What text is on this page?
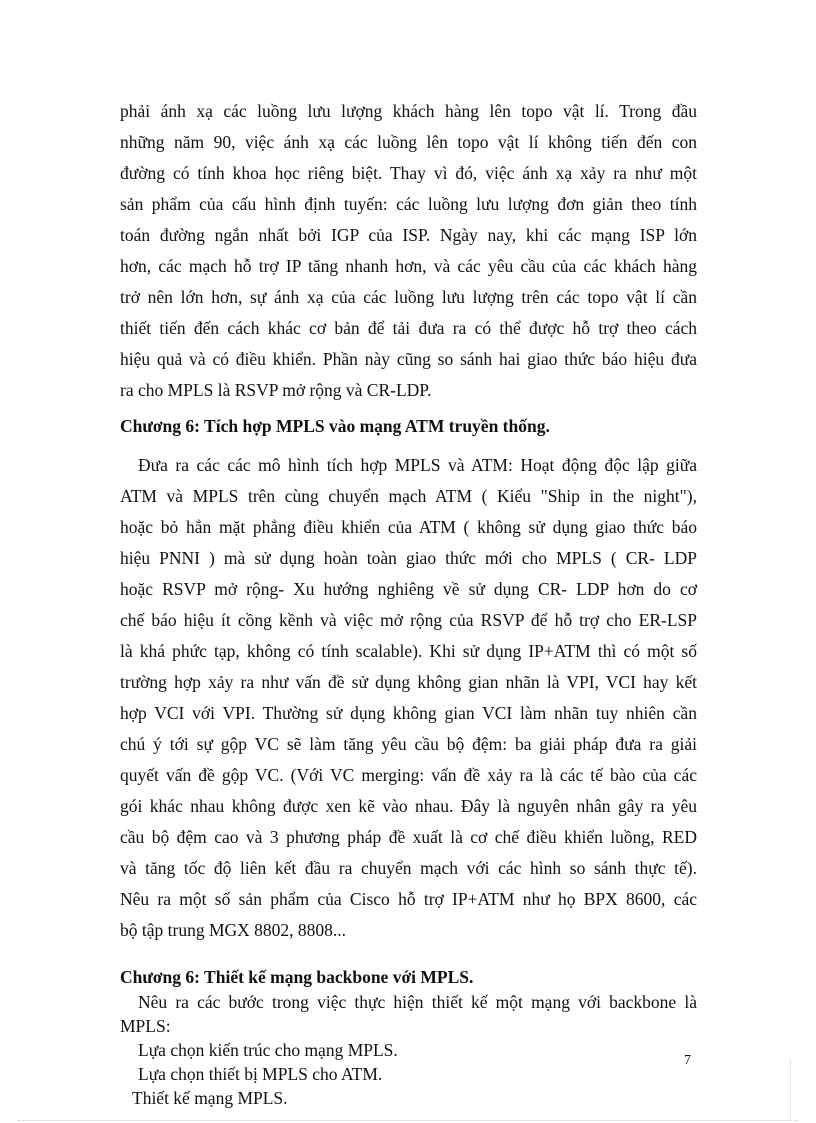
phải ánh xạ các luồng lưu lượng khách hàng lên topo vật lí. Trong đầu
những năm 90, việc ánh xạ các luồng lên topo vật lí không tiến đến con
đường có tính khoa học riêng biệt. Thay vì đó, việc ánh xạ xảy ra như một
sản phẩm của cấu hình định tuyến: các luồng lưu lượng đơn giản theo tính
toán đường ngắn nhất bởi IGP của ISP. Ngày nay, khi các mạng ISP lớn
hơn, các mạch hỗ trợ IP tăng nhanh hơn, và các yêu cầu của các khách hàng
trở nên lớn hơn, sự ánh xạ của các luồng lưu lượng trên các topo vật lí cần
thiết tiến đến cách khác cơ bản để tải đưa ra có thể được hỗ trợ theo cách
hiệu quả và có điều khiển. Phần này cũng so sánh hai giao thức báo hiệu đưa
ra cho MPLS là RSVP mở rộng và CR-LDP.
Chương 6: Tích hợp MPLS vào mạng ATM truyền thống.
Đưa ra các các mô hình tích hợp MPLS và ATM: Hoạt động độc lập giữa
ATM và MPLS trên cùng chuyển mạch ATM ( Kiểu "Ship in the night"),
hoặc bỏ hẳn mặt phẳng điều khiển của ATM ( không sử dụng giao thức báo
hiệu PNNI ) mà sử dụng hoàn toàn giao thức mới cho MPLS ( CR- LDP
hoặc RSVP mở rộng- Xu hướng nghiêng về sử dụng CR- LDP hơn do cơ
chế báo hiệu ít cồng kềnh và việc mở rộng của RSVP để hỗ trợ cho ER-LSP
là khá phức tạp, không có tính scalable). Khi sử dụng IP+ATM thì có một số
trường hợp xảy ra như vấn đề sử dụng không gian nhãn là VPI, VCI hay kết
hợp VCI với VPI. Thường sử dụng không gian VCI làm nhãn tuy nhiên cần
chú ý tới sự gộp VC sẽ làm tăng yêu cầu bộ đệm: ba giải pháp đưa ra giải
quyết vấn đề gộp VC. (Với VC merging: vấn đề xảy ra là các tế bào của các
gói khác nhau không được xen kẽ vào nhau. Đây là nguyên nhân gây ra yêu
cầu bộ đệm cao và 3 phương pháp đề xuất là cơ chế điều khiển luồng, RED
và tăng tốc độ liên kết đầu ra chuyển mạch với các hình so sánh thực tế).
Nêu ra một số sản phẩm của Cisco hỗ trợ IP+ATM như họ BPX 8600, các
bộ tập trung MGX 8802, 8808...
Chương 6: Thiết kế mạng backbone với MPLS.
Nêu ra các bước trong việc thực hiện thiết kế một mạng với backbone là
MPLS:
Lựa chọn kiến trúc cho mạng MPLS.
Lựa chọn thiết bị MPLS cho ATM.
Thiết kế mạng MPLS.
7
